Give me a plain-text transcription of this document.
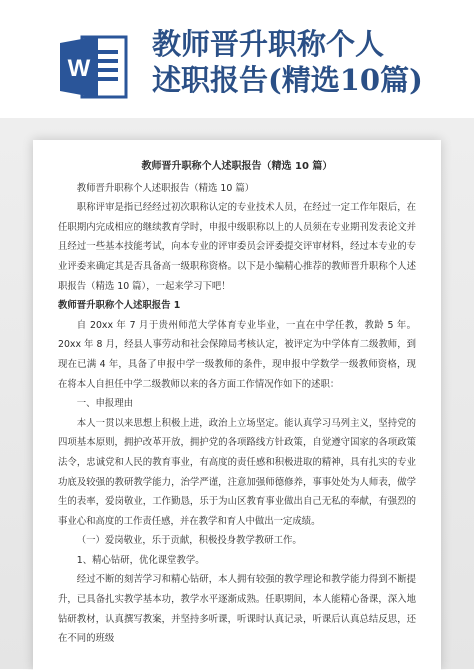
W
教师晋升职称个人
述职报告(精选10篇)
教师晋升职称个人述职报告（精选 10 篇）

教师晋升职称个人述职报告（精选 10 篇）

职称评审是指已经经过初次职称认定的专业技术人员，在经过一定工作年限后，在任职期内完成相应的继续教育学时，申报中级职称以上的人员须在专业期刊发表论文并且经过一些基本技能考试，向本专业的评审委员会评委提交评审材料，经过本专业的专业评委来确定其是否具备高一级职称资格。以下是小编精心推荐的教师晋升职称个人述职报告（精选 10 篇），一起来学习下吧！

教师晋升职称个人述职报告 1

自 20xx 年 7 月于贵州师范大学体育专业毕业，一直在中学任教，教龄 5 年。 20xx 年 8 月，经县人事劳动和社会保障局考核认定，被评定为中学体育二级教师，到现在已满 4 年，具备了申报中学一级教师的条件，现申报中学数学一级教师资格，现在将本人自担任中学二级教师以来的各方面工作情况作如下的述职：

一、申报理由

本人一贯以来思想上积极上进，政治上立场坚定。能认真学习马列主义，坚持党的四项基本原则，拥护改革开放，拥护党的各项路线方针政策，自觉遵守国家的各项政策法令，忠诚党和人民的教育事业，有高度的责任感和积极进取的精神，具有扎实的专业功底及较强的教研教学能力，治学严谨，注意加强师德修养，事事处处为人师表，做学生的表率，爱岗敬业，工作勤恳，乐于为山区教育事业做出自己无私的奉献，有强烈的事业心和高度的工作责任感，并在教学和育人中做出一定成绩。

（一）爱岗敬业，乐于贡献，积极投身教学教研工作。

1、精心钻研，优化课堂教学。

经过不断的刻苦学习和精心钻研，本人拥有较强的教学理论和教学能力得到不断提升，已具备扎实教学基本功，教学水平逐渐成熟。任职期间，本人能精心备课，深入地钻研教材，认真撰写教案，并坚持多听课，听课时认真记录，听课后认真总结反思，还在不同的班级
